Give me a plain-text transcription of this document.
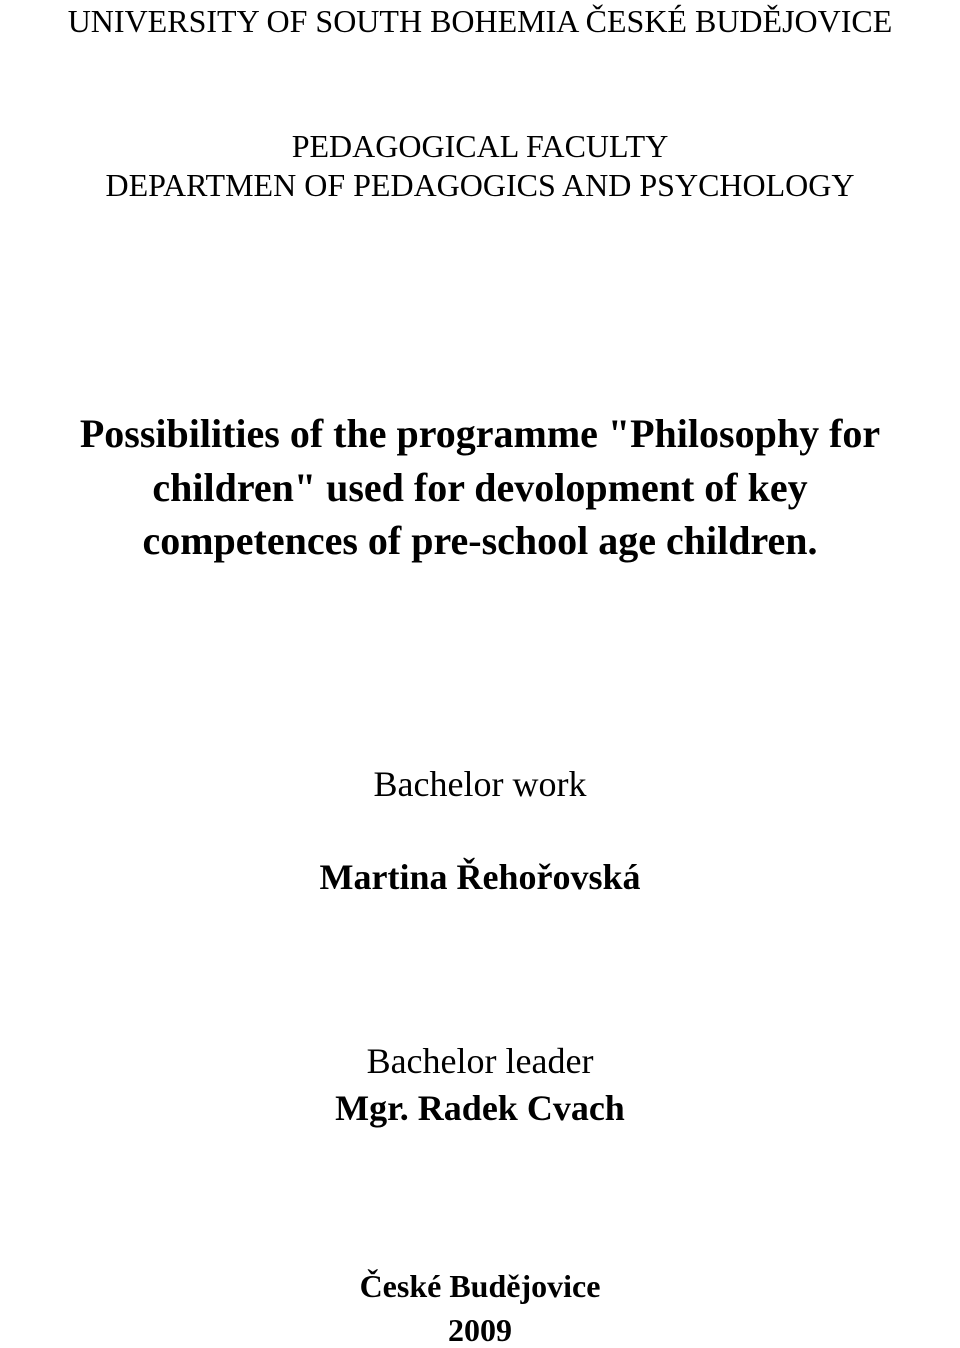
UNIVERSITY OF SOUTH BOHEMIA ČESKÉ BUDĚJOVICE
PEDAGOGICAL FACULTY
DEPARTMEN OF PEDAGOGICS AND PSYCHOLOGY
Possibilities of the programme "Philosophy for
children" used for devolopment of key
competences of pre-school age children.
Bachelor work
Martina Řehořovská
Bachelor leader
Mgr. Radek Cvach
České Budějovice
2009
